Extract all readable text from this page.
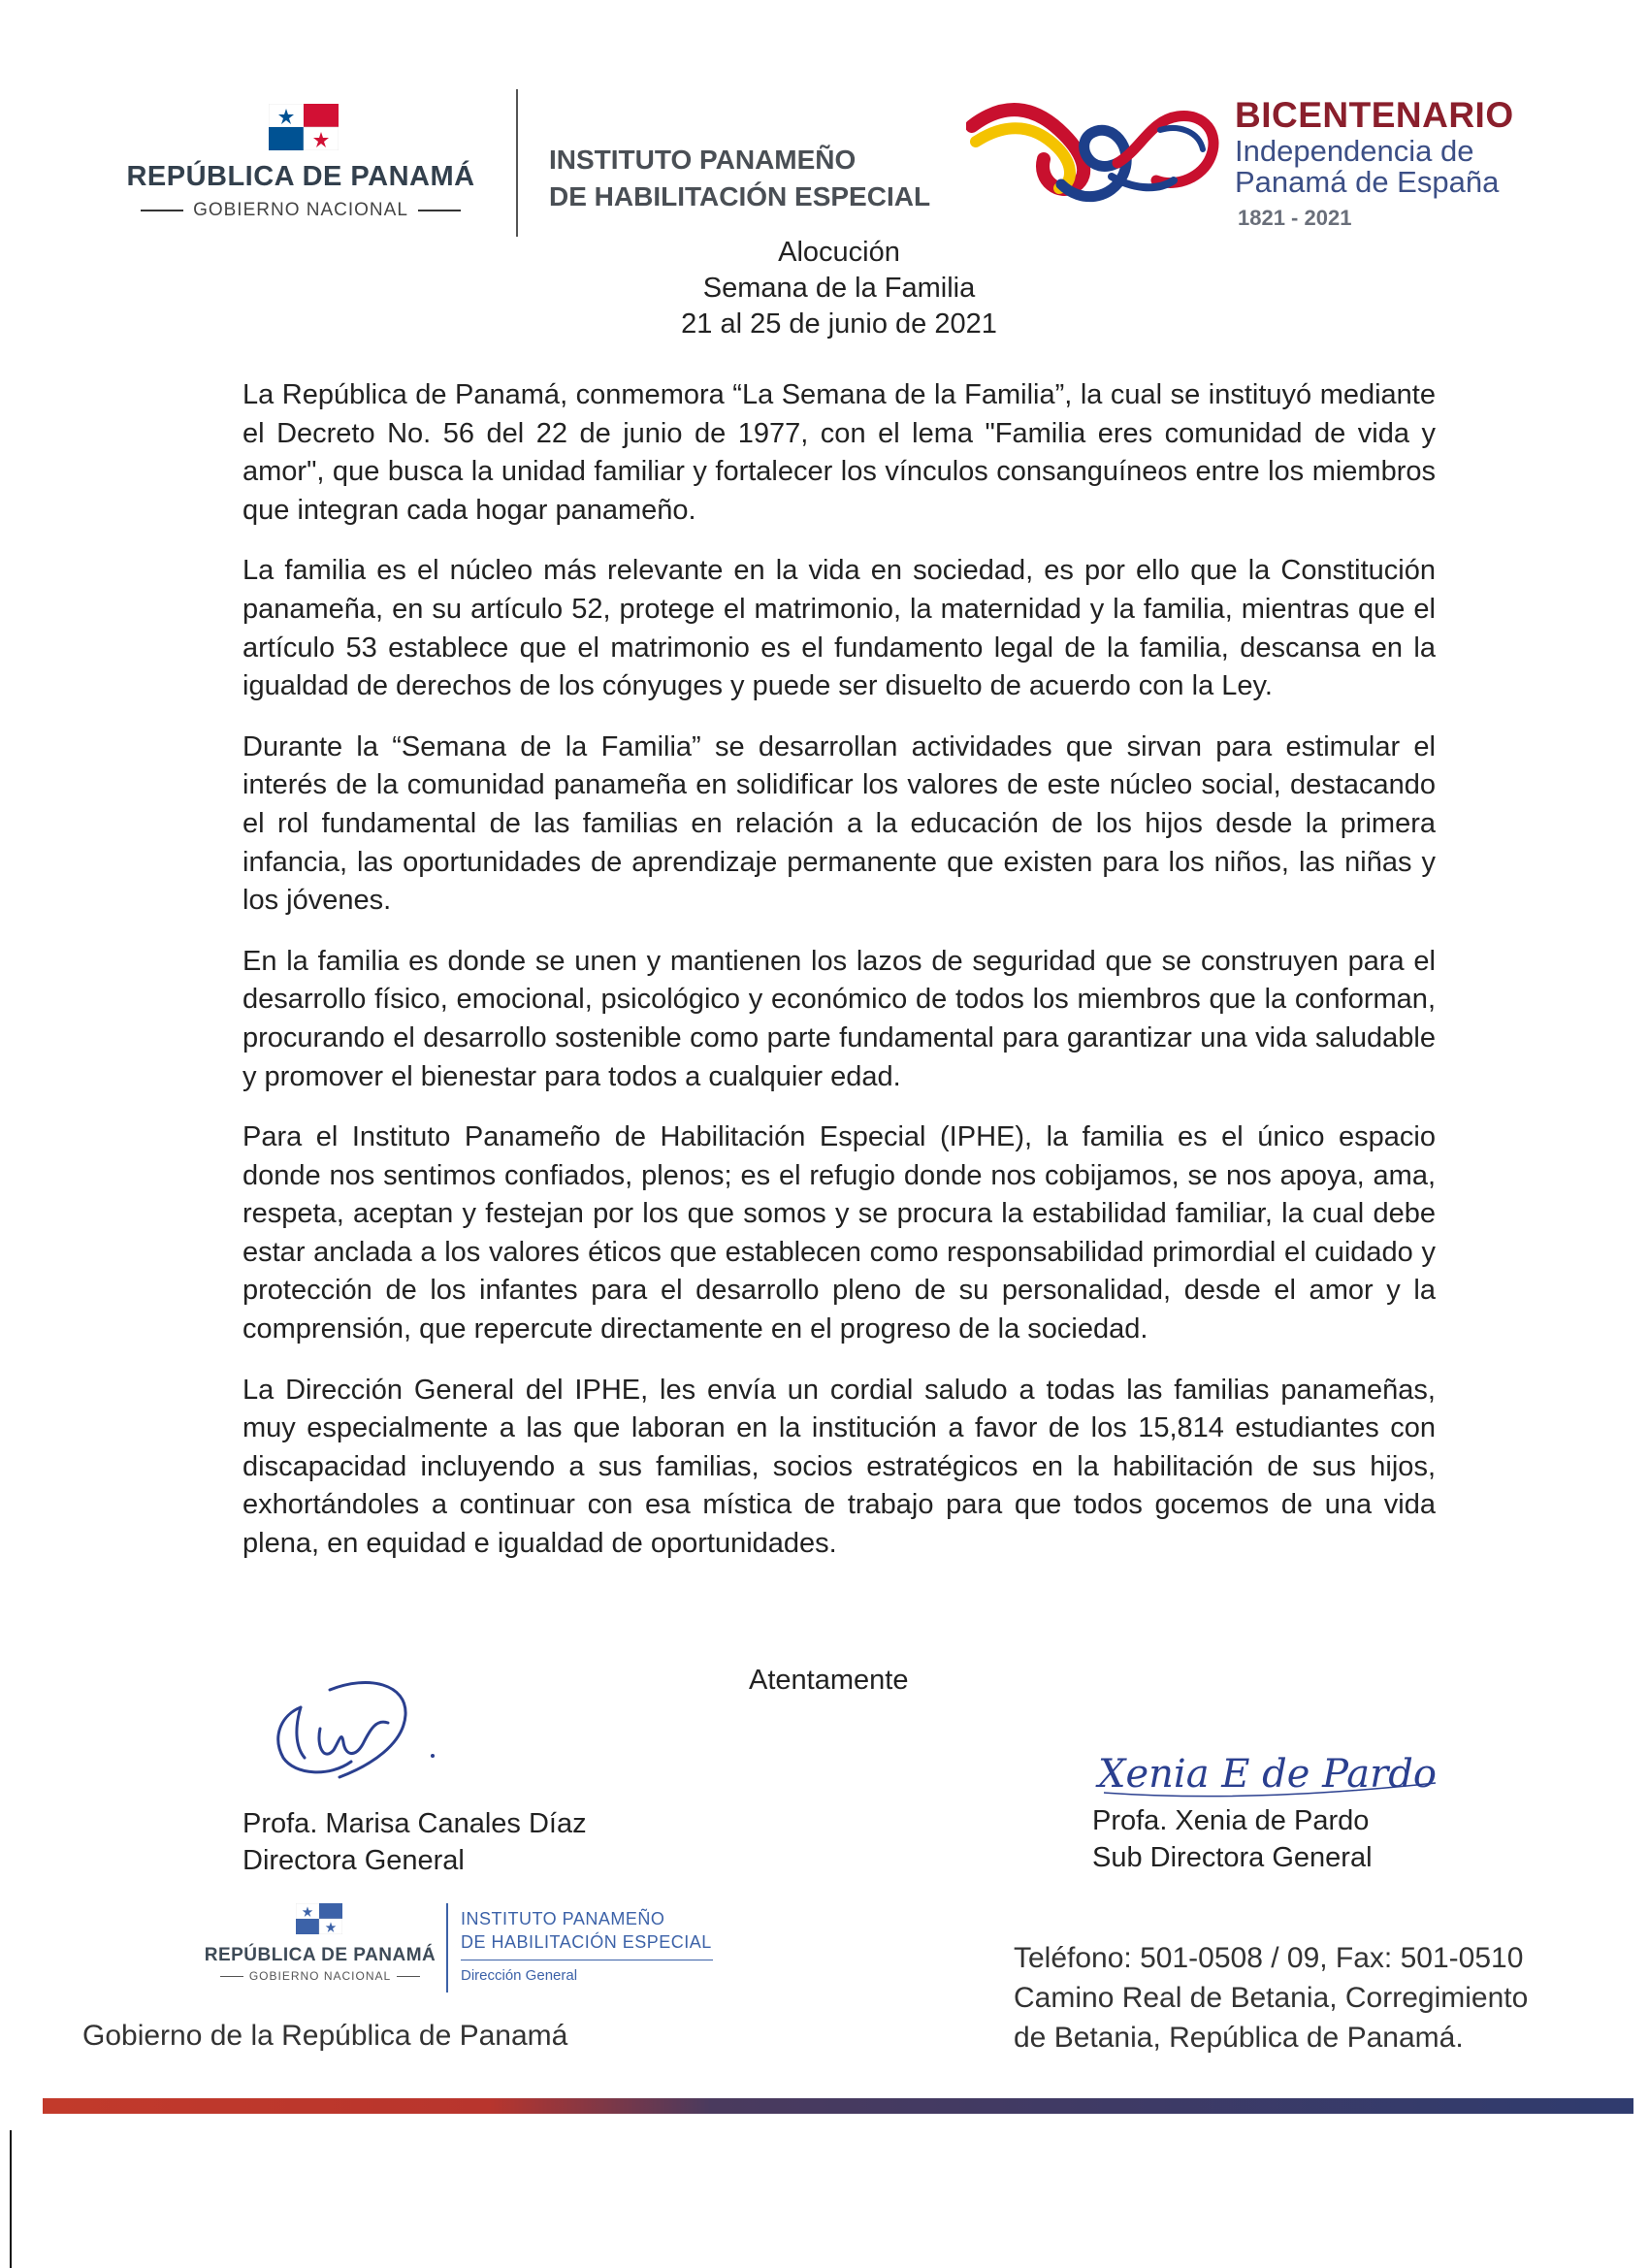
REPÚBLICA DE PANAMÁ
GOBIERNO NACIONAL
INSTITUTO PANAMEÑO
DE HABILITACIÓN ESPECIAL
BICENTENARIO
Independencia de
Panamá de España
1821 - 2021
Alocución
Semana de la Familia
21 al 25 de junio de 2021

La República de Panamá, conmemora “La Semana de la Familia”, la cual se instituyó mediante el Decreto No. 56 del 22 de junio de 1977, con el lema "Familia eres comunidad de vida y amor", que busca la unidad familiar y fortalecer los vínculos consanguíneos entre los miembros que integran cada hogar panameño.

La familia es el núcleo más relevante en la vida en sociedad, es por ello que la Constitución panameña, en su artículo 52, protege el matrimonio, la maternidad y la familia, mientras que el artículo 53 establece que el matrimonio es el fundamento legal de la familia, descansa en la igualdad de derechos de los cónyuges y puede ser disuelto de acuerdo con la Ley.

Durante la “Semana de la Familia” se desarrollan actividades que sirvan para estimular el interés de la comunidad panameña en solidificar los valores de este núcleo social, destacando el rol fundamental de las familias en relación a la educación de los hijos desde la primera infancia, las oportunidades de aprendizaje permanente que existen para los niños, las niñas y los jóvenes.

En la familia es donde se unen y mantienen los lazos de seguridad que se construyen para el desarrollo físico, emocional, psicológico y económico de todos los miembros que la conforman, procurando el desarrollo sostenible como parte fundamental para garantizar una vida saludable y promover el bienestar para todos a cualquier edad.

Para el Instituto Panameño de Habilitación Especial (IPHE), la familia es el único espacio donde nos sentimos confiados, plenos; es el refugio donde nos cobijamos, se nos apoya, ama, respeta, aceptan y festejan por los que somos y se procura la estabilidad familiar, la cual debe estar anclada a los valores éticos que establecen como responsabilidad primordial el cuidado y protección de los infantes para el desarrollo pleno de su personalidad, desde el amor y la comprensión, que repercute directamente en el progreso de la sociedad.

La Dirección General del IPHE, les envía un cordial saludo a todas las familias panameñas, muy especialmente a las que laboran en la institución a favor de los 15,814 estudiantes con discapacidad incluyendo a sus familias, socios estratégicos en la habilitación de sus hijos, exhortándoles a continuar con esa mística de trabajo para que todos gocemos de una vida plena, en equidad e igualdad de oportunidades.

Atentamente
Profa. Marisa Canales Díaz
Directora General
Xenia E de Pardo
Profa. Xenia de Pardo
Sub Directora General
REPÚBLICA DE PANAMÁ
GOBIERNO NACIONAL
INSTITUTO PANAMEÑO
DE HABILITACIÓN ESPECIAL
Dirección General
Gobierno de la República de Panamá
Teléfono: 501-0508 / 09, Fax: 501-0510
Camino Real de Betania, Corregimiento
de Betania, República de Panamá.
